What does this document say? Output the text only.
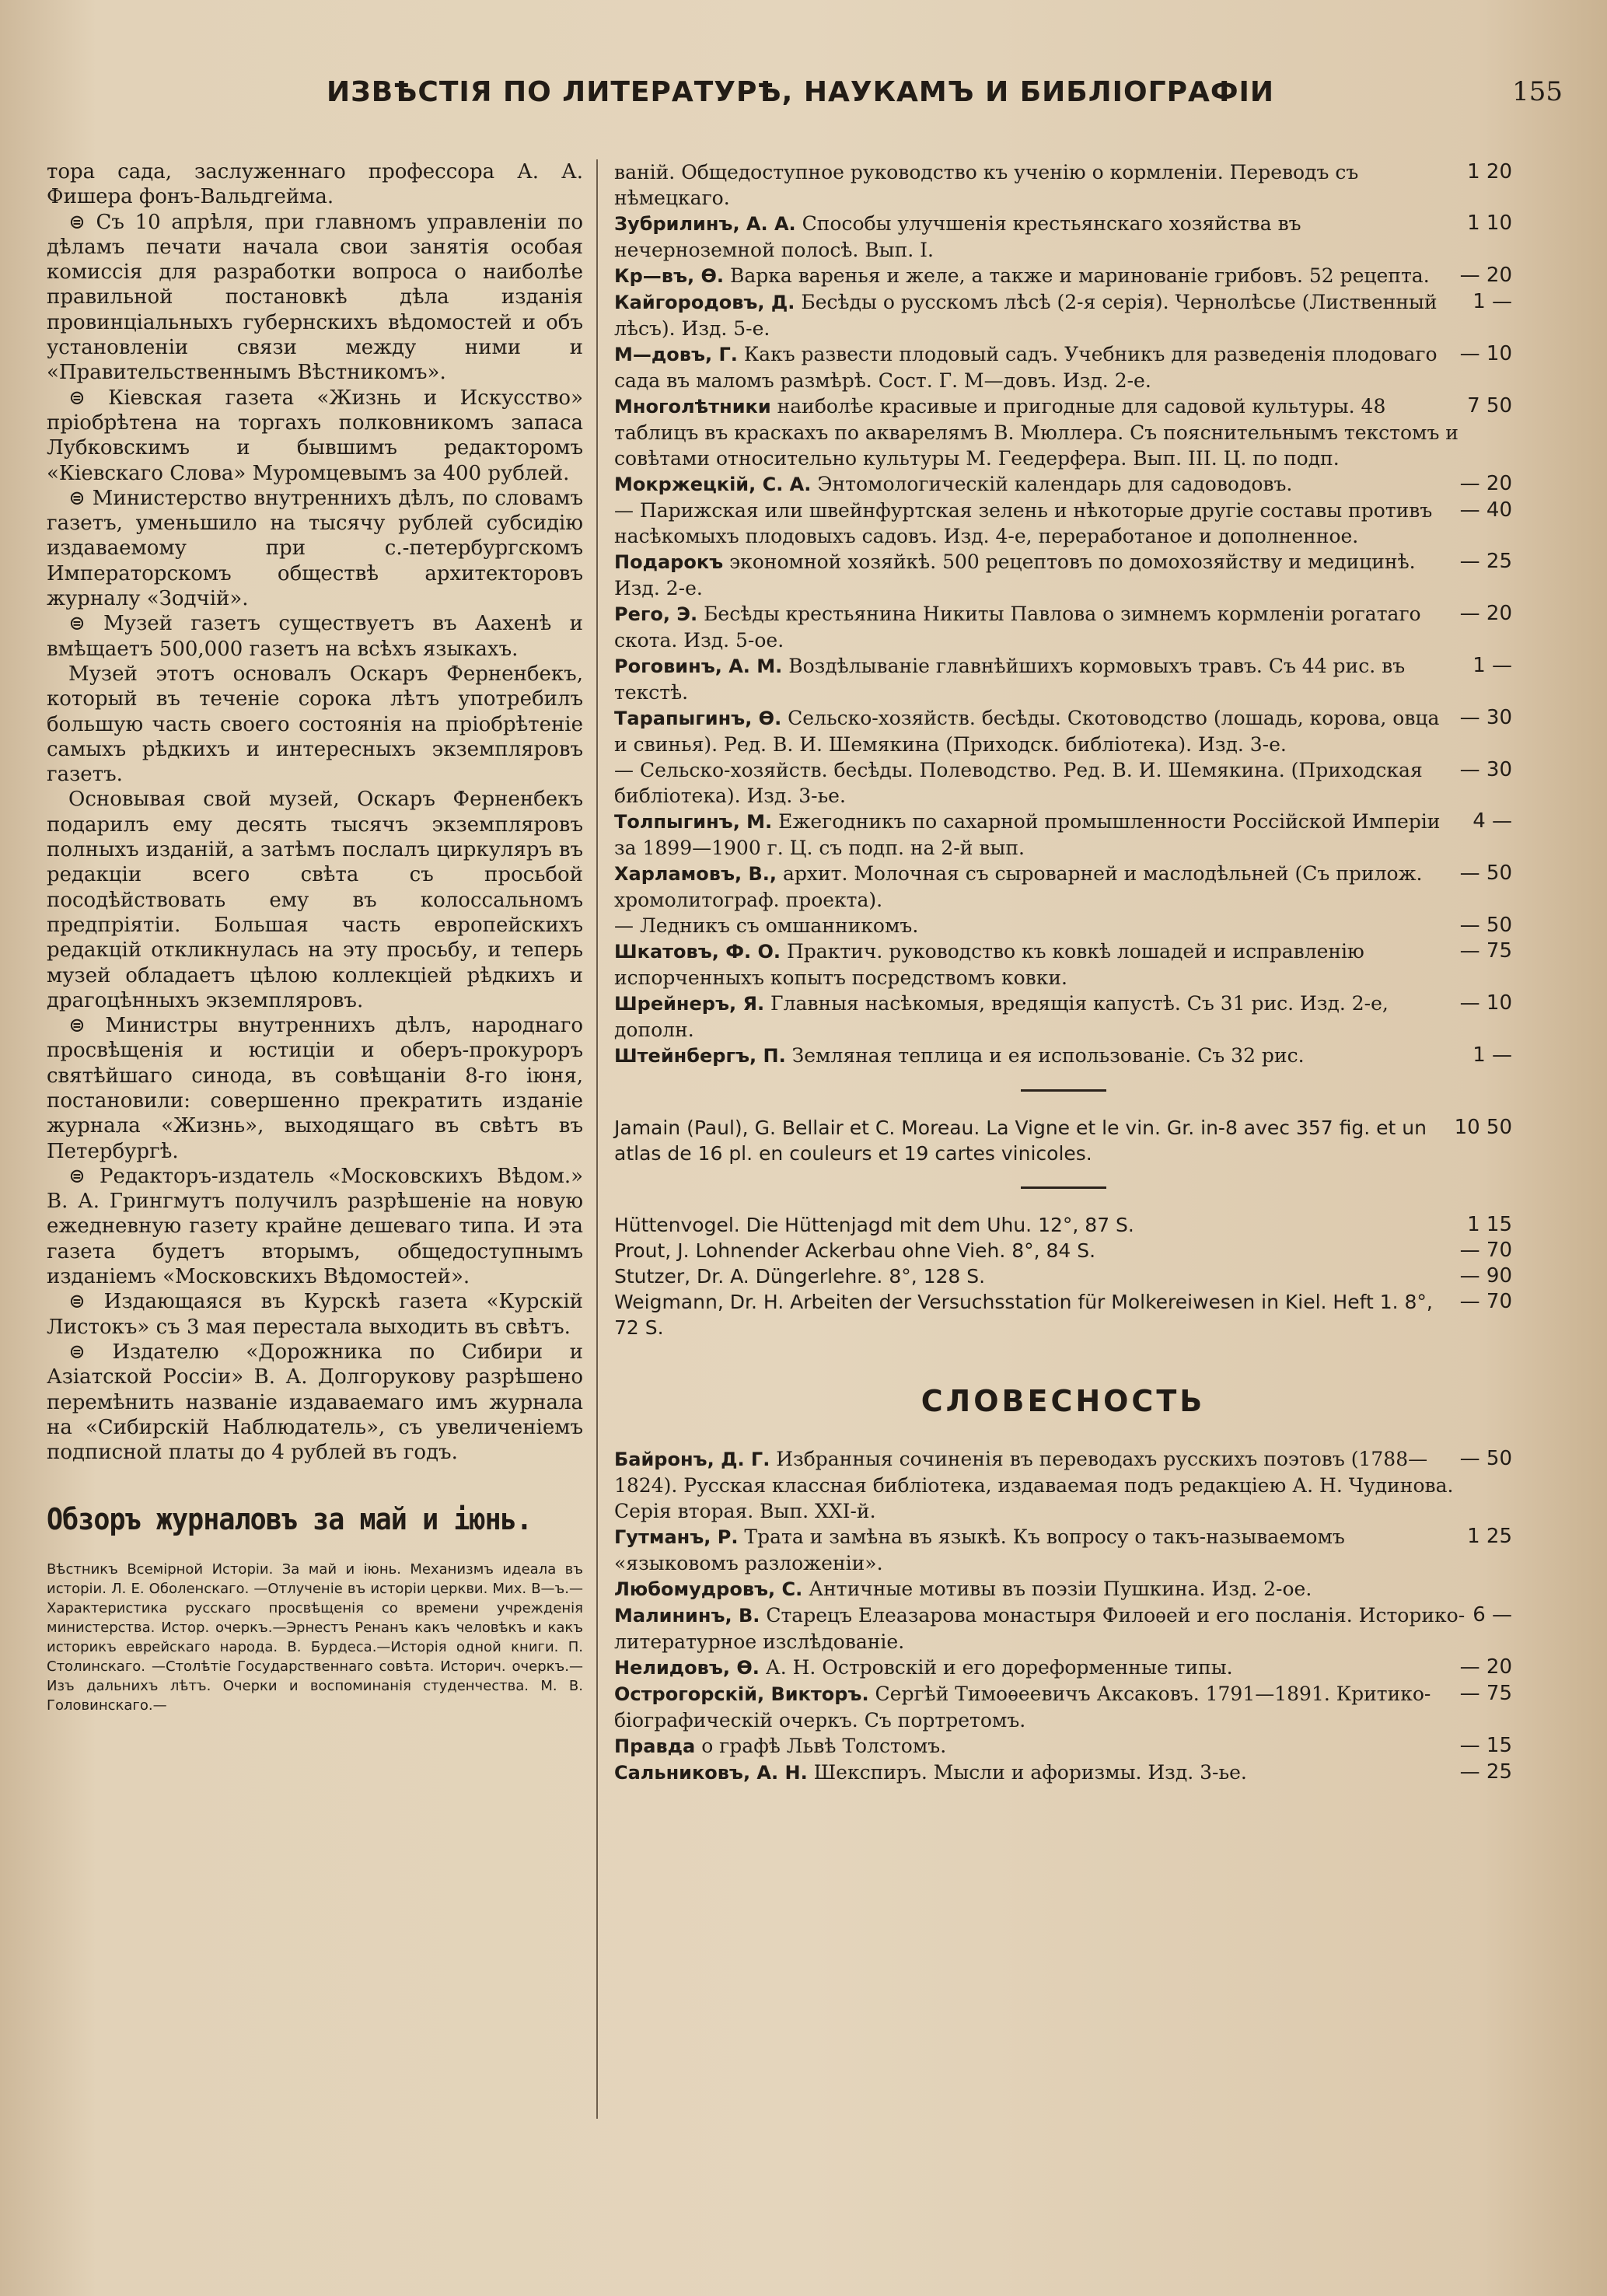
ИЗВѢСТІЯ ПО ЛИТЕРАТУРѢ, НАУКАМЪ И БИБЛІОГРАФІИ	155

тора сада, заслуженнаго профессора А. А. Фишера фонъ-Вальдгейма.

⊜ Съ 10 апрѣля, при главномъ управленіи по дѣламъ печати начала свои занятія особая комиссія для разработки вопроса о наиболѣе правильной постановкѣ дѣла изданія провинціальныхъ губернскихъ вѣдомостей и объ установленіи связи между ними и «Правительственнымъ Вѣстникомъ».

⊜ Кіевская газета «Жизнь и Искусство» пріобрѣтена на торгахъ полковникомъ запаса Лубковскимъ и бывшимъ редакторомъ «Кіевскаго Слова» Муромцевымъ за 400 рублей.

⊜ Министерство внутреннихъ дѣлъ, по словамъ газетъ, уменьшило на тысячу рублей субсидію издаваемому при с.-петербургскомъ Императорскомъ обществѣ архитекторовъ журналу «Зодчій».

⊜ Музей газетъ существуетъ въ Аахенѣ и вмѣщаетъ 500,000 газетъ на всѣхъ языкахъ.

Музей этотъ основалъ Оскаръ Ферненбекъ, который въ теченіе сорока лѣтъ употребилъ большую часть своего состоянія на пріобрѣтеніе самыхъ рѣдкихъ и интересныхъ экземпляровъ газетъ.

Основывая свой музей, Оскаръ Ферненбекъ подарилъ ему десять тысячъ экземпляровъ полныхъ изданій, а затѣмъ послалъ циркуляръ въ редакціи всего свѣта съ просьбой посодѣйствовать ему въ колоссальномъ предпріятіи. Большая часть европейскихъ редакцій откликнулась на эту просьбу, и теперь музей обладаетъ цѣлою коллекціей рѣдкихъ и драгоцѣнныхъ экземпляровъ.

⊜ Министры внутреннихъ дѣлъ, народнаго просвѣщенія и юстиціи и оберъ-прокуроръ святѣйшаго синода, въ совѣщаніи 8-го іюня, постановили: совершенно прекратить изданіе журнала «Жизнь», выходящаго въ свѣтъ въ Петербургѣ.

⊜ Редакторъ-издатель «Московскихъ Вѣдом.» В. А. Грингмутъ получилъ разрѣшеніе на новую ежедневную газету крайне дешеваго типа. И эта газета будетъ вторымъ, общедоступнымъ изданіемъ «Московскихъ Вѣдомостей».

⊜ Издающаяся въ Курскѣ газета «Курскій Листокъ» съ 3 мая перестала выходить въ свѣтъ.

⊜ Издателю «Дорожника по Сибири и Азіатской Россіи» В. А. Долгорукову разрѣшено перемѣнить названіе издаваемаго имъ журнала на «Сибирскій Наблюдатель», съ увеличеніемъ подписной платы до 4 рублей въ годъ.

Обзоръ журналовъ за май и іюнь.

Вѣстникъ Всемірной Исторіи. За май и іюнь. Механизмъ идеала въ исторіи. Л. Е. Оболенскаго. —Отлученіе въ исторіи церкви. Мих. В—ъ.—Характеристика русскаго просвѣщенія со времени учрежденія министерства. Истор. очеркъ.—Эрнестъ Ренанъ какъ человѣкъ и какъ историкъ еврейскаго народа. В. Бурдеса.—Исторія одной книги. П. Столинскаго. —Столѣтіе Государственнаго совѣта. Историч. очеркъ.—Изъ дальнихъ лѣтъ. Очерки и воспоминанія студенчества. М. В. Головинскаго.—

1 20
ваній. Общедоступное руководство къ ученію о кормленіи. Переводъ съ нѣмецкаго.

1 10
Зубрилинъ, А. А. Способы улучшенія крестьянскаго хозяйства въ нечерноземной полосѣ. Вып. I.

— 20
Кр—въ, Ѳ. Варка варенья и желе, а также и маринованіе грибовъ. 52 рецепта.

1 —
Кайгородовъ, Д. Бесѣды о русскомъ лѣсѣ (2-я серія). Чернолѣсье (Лиственный лѣсъ). Изд. 5-е.

— 10
М—довъ, Г. Какъ развести плодовый садъ. Учебникъ для разведенія плодоваго сада въ маломъ размѣрѣ. Сост. Г. М—довъ. Изд. 2-е.

7 50
Многолѣтники наиболѣе красивые и пригодные для садовой культуры. 48 таблицъ въ краскахъ по акварелямъ В. Мюллера. Съ пояснительнымъ текстомъ и совѣтами относительно культуры М. Геедерфера. Вып. III. Ц. по подп.

— 20
Мокржецкій, С. А. Энтомологическій календарь для садоводовъ.

— 40
— Парижская или швейнфуртская зелень и нѣкоторые другіе составы противъ насѣкомыхъ плодовыхъ садовъ. Изд. 4-е, переработаное и дополненное.

— 25
Подарокъ экономной хозяйкѣ. 500 рецептовъ по домохозяйству и медицинѣ. Изд. 2-е.

— 20
Рего, Э. Бесѣды крестьянина Никиты Павлова о зимнемъ кормленіи рогатаго скота. Изд. 5-ое.

1 —
Роговинъ, А. М. Воздѣлываніе главнѣйшихъ кормовыхъ травъ. Съ 44 рис. въ текстѣ.

— 30
Тарапыгинъ, Ѳ. Сельско-хозяйств. бесѣды. Скотоводство (лошадь, корова, овца и свинья). Ред. В. И. Шемякина (Приходск. библіотека). Изд. 3-е.

— 30
— Сельско-хозяйств. бесѣды. Полеводство. Ред. В. И. Шемякина. (Приходская библіотека). Изд. 3-ье.

4 —
Толпыгинъ, М. Ежегодникъ по сахарной промышленности Россійской Имперіи за 1899—1900 г. Ц. съ подп. на 2-й вып.

— 50
Харламовъ, В., архит. Молочная съ сыроварней и маслодѣльней (Съ прилож. хромолитограф. проекта).

— 50
— Ледникъ съ омшанникомъ.

— 75
Шкатовъ, Ф. О. Практич. руководство къ ковкѣ лошадей и исправленію испорченныхъ копытъ посредствомъ ковки.

— 10
Шрейнеръ, Я. Главныя насѣкомыя, вредящія капустѣ. Съ 31 рис. Изд. 2-е, дополн.

1 —
Штейнбергъ, П. Земляная теплица и ея использованіе. Съ 32 рис.

10 50
Jamain (Paul), G. Bellair et C. Moreau. La Vigne et le vin. Gr. in-8 avec 357 fig. et un atlas de 16 pl. en couleurs et 19 cartes vinicoles.

1 15
Hüttenvogel. Die Hüttenjagd mit dem Uhu. 12°, 87 S.

— 70
Prout, J. Lohnender Ackerbau ohne Vieh. 8°, 84 S.

— 90
Stutzer, Dr. A. Düngerlehre. 8°, 128 S.

— 70
Weigmann, Dr. H. Arbeiten der Versuchsstation für Molkereiwesen in Kiel. Heft 1. 8°, 72 S.

СЛОВЕСНОСТЬ

— 50
Байронъ, Д. Г. Избранныя сочиненія въ переводахъ русскихъ поэтовъ (1788—1824). Русская классная библіотека, издаваемая подъ редакціею А. Н. Чудинова. Серія вторая. Вып. XXI-й.

1 25
Гутманъ, Р. Трата и замѣна въ языкѣ. Къ вопросу о такъ-называемомъ «языковомъ разложеніи».

Любомудровъ, С. Античные мотивы въ поэзіи Пушкина. Изд. 2-ое.

6 —
Малининъ, В. Старецъ Елеазарова монастыря Филоѳей и его посланія. Историко-литературное изслѣдованіе.

— 20
Нелидовъ, Ѳ. А. Н. Островскій и его дореформенные типы.

— 75
Острогорскій, Викторъ. Сергѣй Тимоѳеевичъ Аксаковъ. 1791—1891. Критико-біографическій очеркъ. Съ портретомъ.

— 15
Правда о графѣ Львѣ Толстомъ.

— 25
Сальниковъ, А. Н. Шекспиръ. Мысли и афоризмы. Изд. 3-ье.
